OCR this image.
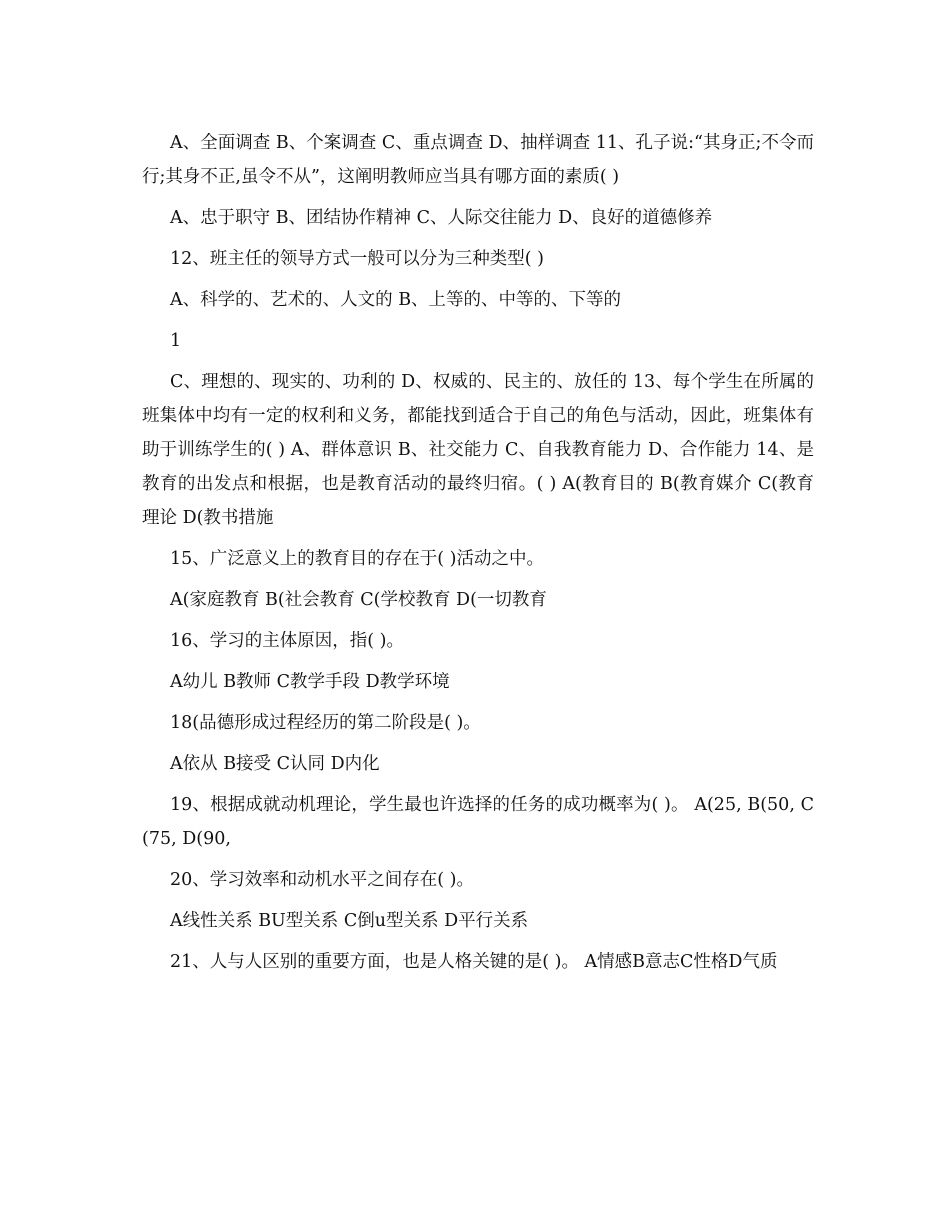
A、全面调查 B、个案调查 C、重点调查 D、抽样调查 11、孔子说:“其身正;不令而行;其身不正,虽令不从”，这阐明教师应当具有哪方面的素质( )

A、忠于职守 B、团结协作精神 C、人际交往能力 D、良好的道德修养

12、班主任的领导方式一般可以分为三种类型( )

A、科学的、艺术的、人文的 B、上等的、中等的、下等的

1

C、理想的、现实的、功利的 D、权威的、民主的、放任的 13、每个学生在所属的班集体中均有一定的权利和义务，都能找到适合于自己的角色与活动，因此，班集体有助于训练学生的( ) A、群体意识 B、社交能力 C、自我教育能力 D、合作能力 14、是教育的出发点和根据，也是教育活动的最终归宿。( ) A(教育目的 B(教育媒介 C(教育理论 D(教书措施

15、广泛意义上的教育目的存在于( )活动之中。

A(家庭教育 B(社会教育 C(学校教育 D(一切教育

16、学习的主体原因，指( )。

A幼儿 B教师 C教学手段 D教学环境

18(品德形成过程经历的第二阶段是( )。

A依从 B接受 C认同 D内化

19、根据成就动机理论，学生最也许选择的任务的成功概率为( )。 A(25, B(50, C(75, D(90,

20、学习效率和动机水平之间存在( )。

A线性关系 BU型关系 C倒u型关系 D平行关系

21、人与人区别的重要方面，也是人格关键的是( )。 A情感B意志C性格D气质
